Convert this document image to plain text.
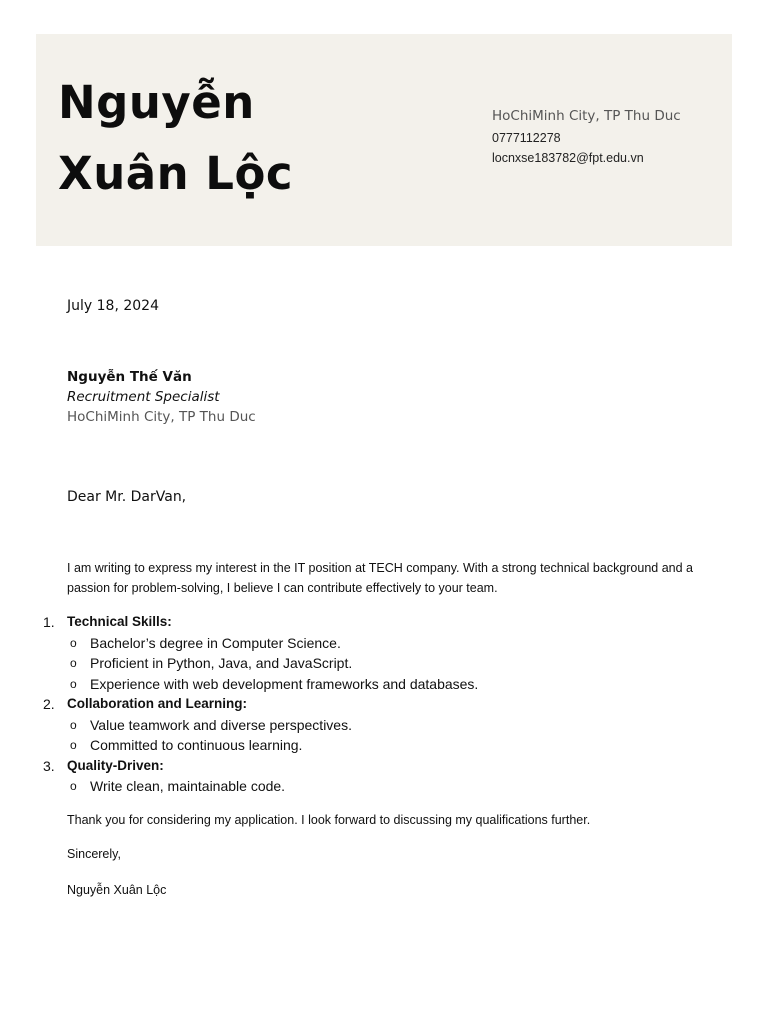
Nguyễn
Xuân Lộc
HoChiMinh City, TP Thu Duc
0777112278
locnxse183782@fpt.edu.vn
July 18, 2024
Nguyễn Thế Văn
Recruitment Specialist
HoChiMinh City, TP Thu Duc
Dear Mr. DarVan,
I am writing to express my interest in the IT position at TECH company. With a strong technical background and a passion for problem-solving, I believe I can contribute effectively to your team.
1. Technical Skills:
o Bachelor’s degree in Computer Science.
o Proficient in Python, Java, and JavaScript.
o Experience with web development frameworks and databases.
2. Collaboration and Learning:
o Value teamwork and diverse perspectives.
o Committed to continuous learning.
3. Quality-Driven:
o Write clean, maintainable code.
Thank you for considering my application. I look forward to discussing my qualifications further.
Sincerely,
Nguyễn Xuân Lộc
